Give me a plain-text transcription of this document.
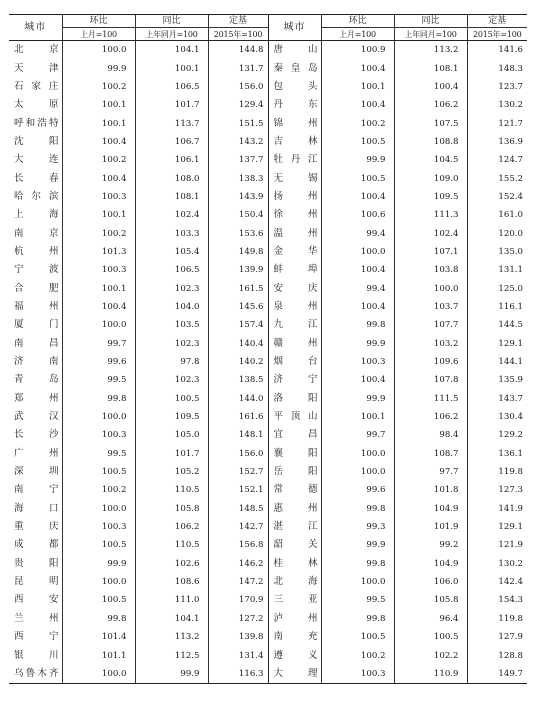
城市	环比	同比	定基	城市	环比	同比	定基
	上月=100	上年同月=100	2015年=100		上月=100	上年同月=100	2015年=100
北　京	100.0	104.1	144.8	唐　山	100.9	113.2	141.6
天　津	99.9	100.1	131.7	秦皇岛	100.4	108.1	148.3
石家庄	100.2	106.5	156.0	包　头	100.1	100.4	123.7
太　原	100.1	101.7	129.4	丹　东	100.4	106.2	130.2
呼和浩特	100.1	113.7	151.5	锦　州	100.2	107.5	121.7
沈　阳	100.4	106.7	143.2	吉　林	100.5	108.8	136.9
大　连	100.2	106.1	137.7	牡丹江	99.9	104.5	124.7
长　春	100.4	108.0	138.3	无　锡	100.5	109.0	155.2
哈尔滨	100.3	108.1	143.9	扬　州	100.4	109.5	152.4
上　海	100.1	102.4	150.4	徐　州	100.6	111.3	161.0
南　京	100.2	103.3	153.6	温　州	99.4	102.4	120.0
杭　州	101.3	105.4	149.8	金　华	100.0	107.1	135.0
宁　波	100.3	106.5	139.9	蚌　埠	100.4	103.8	131.1
合　肥	100.1	102.3	161.5	安　庆	99.4	100.0	125.0
福　州	100.4	104.0	145.6	泉　州	100.4	103.7	116.1
厦　门	100.0	103.5	157.4	九　江	99.8	107.7	144.5
南　昌	99.7	102.3	140.4	赣　州	99.9	103.2	129.1
济　南	99.6	97.8	140.2	烟　台	100.3	109.6	144.1
青　岛	99.5	102.3	138.5	济　宁	100.4	107.8	135.9
郑　州	99.8	100.5	144.0	洛　阳	99.9	111.5	143.7
武　汉	100.0	109.5	161.6	平顶山	100.1	106.2	130.4
长　沙	100.3	105.0	148.1	宜　昌	99.7	98.4	129.2
广　州	99.5	101.7	156.0	襄　阳	100.0	108.7	136.1
深　圳	100.5	105.2	152.7	岳　阳	100.0	97.7	119.8
南　宁	100.2	110.5	152.1	常　德	99.6	101.8	127.3
海　口	100.0	105.8	148.5	惠　州	99.8	104.9	141.9
重　庆	100.3	106.2	142.7	湛　江	99.3	101.9	129.1
成　都	100.5	110.5	156.8	韶　关	99.9	99.2	121.9
贵　阳	99.9	102.6	146.2	桂　林	99.8	104.9	130.2
昆　明	100.0	108.6	147.2	北　海	100.0	106.0	142.4
西　安	100.5	111.0	170.9	三　亚	99.5	105.8	154.3
兰　州	99.8	104.1	127.2	泸　州	99.8	96.4	119.8
西　宁	101.4	113.2	139.8	南　充	100.5	100.5	127.9
银　川	101.1	112.5	131.4	遵　义	100.2	102.2	128.8
乌鲁木齐	100.0	99.9	116.3	大　理	100.3	110.9	149.7
